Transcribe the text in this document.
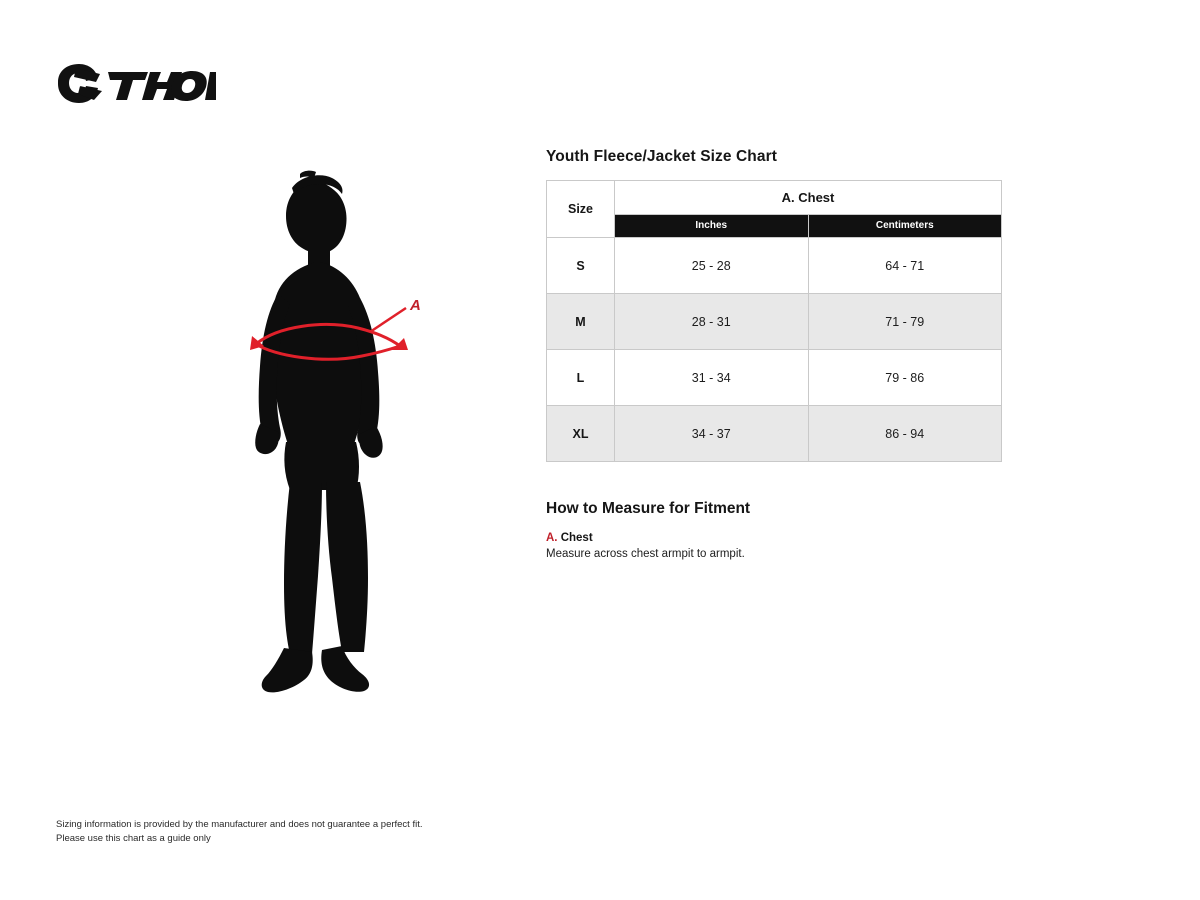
A
Youth Fleece/Jacket Size Chart
Size	A. Chest	
	Inches	Centimeters
S	25 - 28	64 - 71
M	28 - 31	71 - 79
L	31 - 34	79 - 86
XL	34 - 37	86 - 94
How to Measure for Fitment
A. Chest
Measure across chest armpit to armpit.
Sizing information is provided by the manufacturer and does not guarantee a perfect fit.
Please use this chart as a guide only
